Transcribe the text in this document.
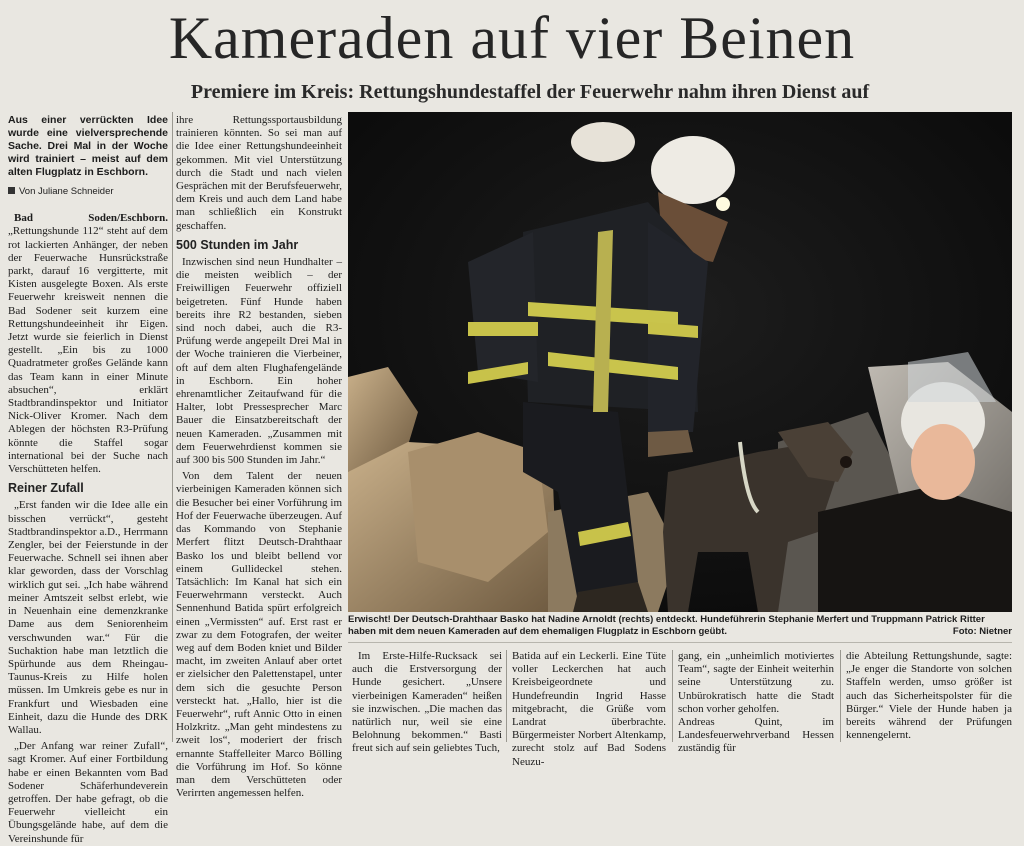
Kameraden auf vier Beinen
Premiere im Kreis: Rettungshundestaffel der Feuerwehr nahm ihren Dienst auf
Aus einer verrückten Idee wurde eine vielversprechende Sache. Drei Mal in der Woche wird trainiert – meist auf dem alten Flugplatz in Eschborn.
Von Juliane Schneider

Bad Soden/Eschborn. „Rettungshunde 112“ steht auf dem rot lackierten Anhänger, der neben der Feuerwache Hunsrückstraße parkt, darauf 16 vergitterte, mit Kisten ausgelegte Boxen. Als erste Feuerwehr kreisweit nennen die Bad Sodener seit kurzem eine Rettungshundeeinheit ihr Eigen. Jetzt wurde sie feierlich in Dienst gestellt. „Ein bis zu 1000 Quadratmeter großes Gelände kann das Team kann in einer Minute absuchen“, erklärt Stadtbrandinspektor und Initiator Nick-Oliver Kromer. Nach dem Ablegen der höchsten R3-Prüfung könnte die Staffel sogar international bei der Suche nach Verschütteten helfen.

Reiner Zufall

„Erst fanden wir die Idee alle ein bisschen verrückt“, gesteht Stadtbrandinspektor a.D., Herrmann Zengler, bei der Feierstunde in der Feuerwache. Schnell sei ihnen aber klar geworden, dass der Vorschlag wirklich gut sei. „Ich habe während meiner Amtszeit selbst erlebt, wie in Neuenhain eine demenzkranke Dame aus dem Seniorenheim verschwunden war.“ Für die Suchaktion habe man letztlich die Spürhunde aus dem Rheingau-Taunus-Kreis zu Hilfe holen müssen. Im Umkreis gebe es nur in Frankfurt und Wiesbaden eine Einheit, dazu die Hunde des DRK Wallau.

„Der Anfang war reiner Zufall“, sagt Kromer. Auf einer Fortbildung habe er einen Bekannten vom Bad Sodener Schäferhundeverein getroffen. Der habe gefragt, ob die Feuerwehr vielleicht ein Übungsgelände habe, auf dem die Vereinshunde für

ihre Rettungssportausbildung trainieren könnten. So sei man auf die Idee einer Rettungshundeeinheit gekommen. Mit viel Unterstützung durch die Stadt und nach vielen Gesprächen mit der Berufsfeuerwehr, dem Kreis und auch dem Land habe man schließlich ein Konstrukt geschaffen.

500 Stunden im Jahr

Inzwischen sind neun Hundhalter – die meisten weiblich – der Freiwilligen Feuerwehr offiziell beigetreten. Fünf Hunde haben bereits ihre R2 bestanden, sieben sind noch dabei, auch die R3-Prüfung werde angepeilt Drei Mal in der Woche trainieren die Vierbeiner, oft auf dem alten Flughafengelände in Eschborn. Ein hoher ehrenamtlicher Zeitaufwand für die Halter, lobt Pressesprecher Marc Bauer die Einsatzbereitschaft der neuen Kameraden. „Zusammen mit dem Feuerwehrdienst kommen sie auf 300 bis 500 Stunden im Jahr.“

Von dem Talent der neuen vierbeinigen Kameraden können sich die Besucher bei einer Vorführung im Hof der Feuerwache überzeugen. Auf das Kommando von Stephanie Merfert flitzt Deutsch-Drahthaar Basko los und bleibt bellend vor einem Gullideckel stehen. Tatsächlich: Im Kanal hat sich ein Feuerwehrmann versteckt. Auch Sennenhund Batida spürt erfolgreich einen „Vermissten“ auf. Erst rast er zwar zu dem Fotografen, der weiter weg auf dem Boden kniet und Bilder macht, im zweiten Anlauf aber ortet er zielsicher den Palettenstapel, unter dem sich die gesuchte Person versteckt hat. „Hallo, hier ist die Feuerwehr“, ruft Annic Otto in einen Holzkritz. „Man geht mindestens zu zweit los“, moderiert der frisch ernannte Staffelleiter Marco Bölling die Vorführung im Hof. So könne man dem Verschütteten oder Verirrten angemessen helfen.

Erwischt! Der Deutsch-Drahthaar Basko hat Nadine Arnoldt (rechts) entdeckt. Hundeführerin Stephanie Merfert und Truppmann Patrick Ritter haben mit dem neuen Kameraden auf dem ehemaligen Flugplatz in Eschborn geübt.	Foto: Nietner

Im Erste-Hilfe-Rucksack sei auch die Erstversorgung der Hunde gesichert. „Unsere vierbeinigen Kameraden“ heißen sie inzwischen. „Die machen das natürlich nur, weil sie eine Belohnung bekommen.“ Basti freut sich auf sein geliebtes Tuch,

Batida auf ein Leckerli. Eine Tüte voller Leckerchen hat auch Kreisbeigeordnete und Hundefreundin Ingrid Hasse mitgebracht, die Grüße vom Landrat überbrachte. Bürgermeister Norbert Altenkamp, zurecht stolz auf Bad Sodens Neuzu-

gang, ein „unheimlich motiviertes Team“, sagte der Einheit weiterhin seine Unterstützung zu. Unbürokratisch hatte die Stadt schon vorher geholfen.
Andreas Quint, im Landesfeuerwehrverband Hessen zuständig für

die Abteilung Rettungshunde, sagte: „Je enger die Standorte von solchen Staffeln werden, umso größer ist auch das Sicherheitspolster für die Bürger.“ Viele der Hunde haben ja bereits während der Prüfungen kennengelernt.
